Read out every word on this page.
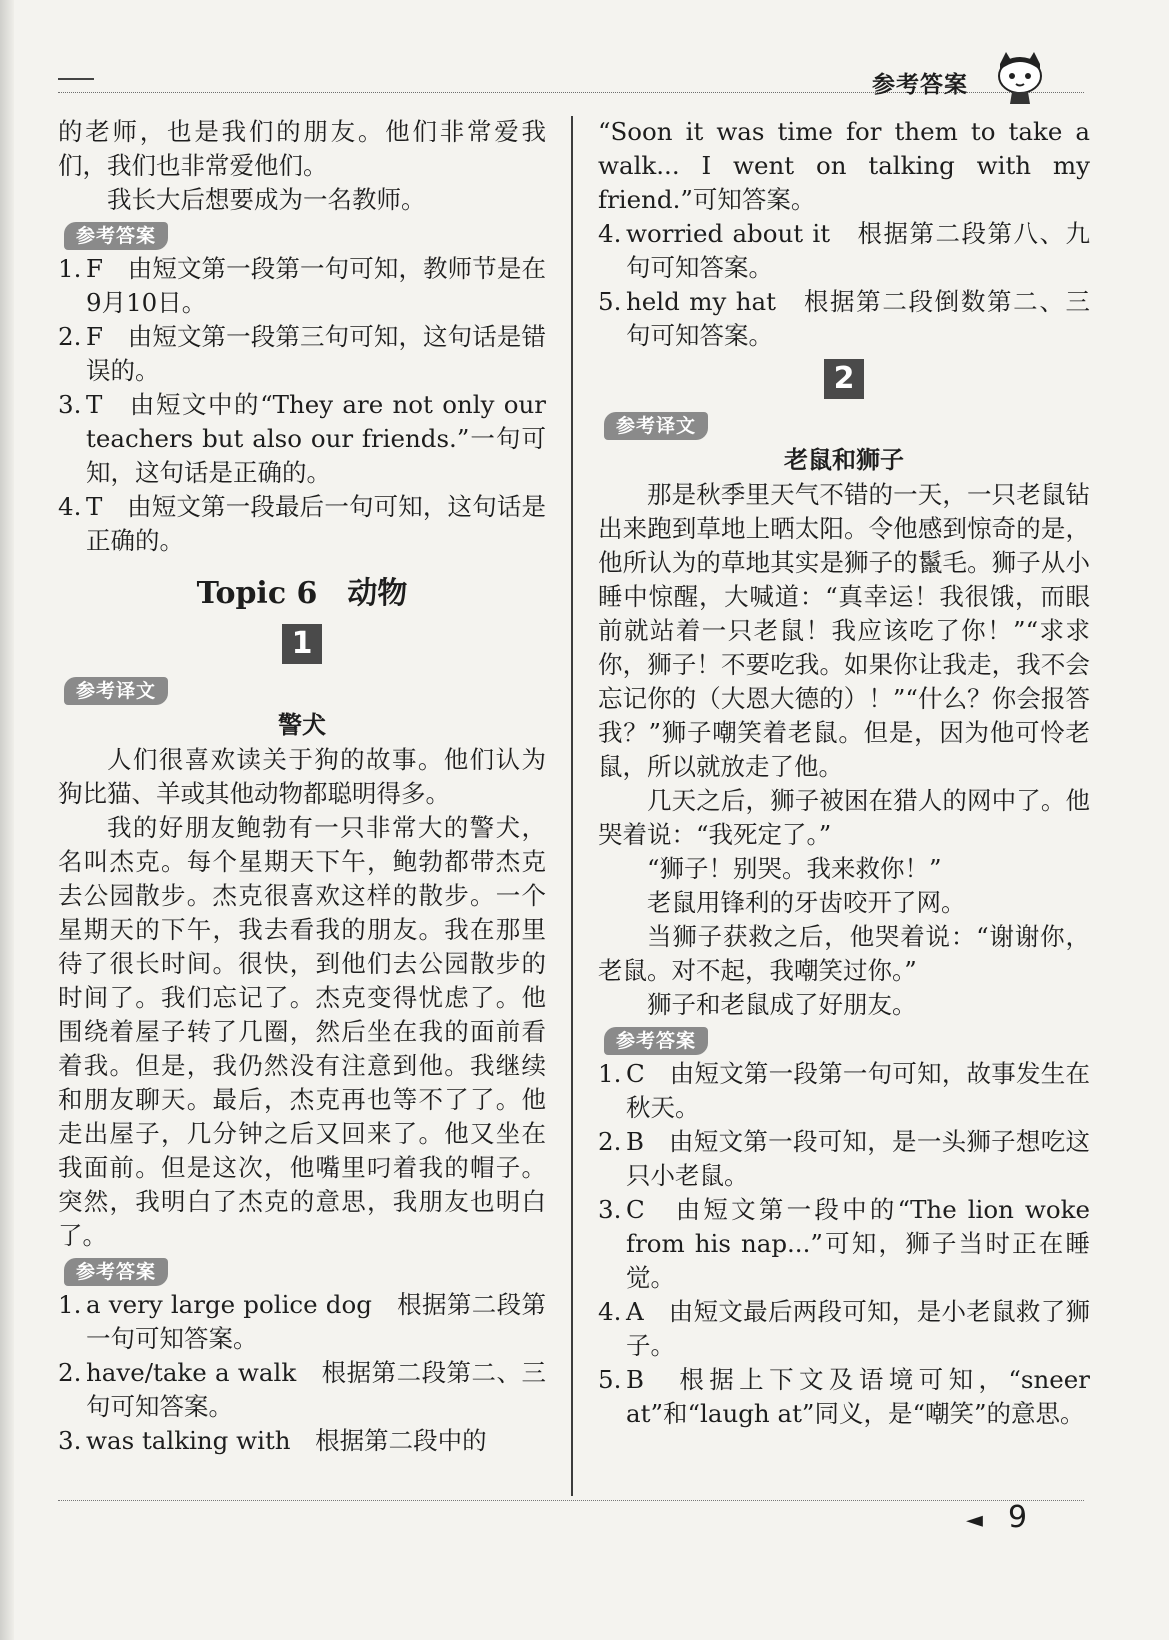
参考答案

的老师，也是我们的朋友。他们非常爱我们，我们也非常爱他们。

我长大后想要成为一名教师。

参考答案
1. F　由短文第一段第一句可知，教师节是在9月10日。
2. F　由短文第一段第三句可知，这句话是错误的。
3. T　由短文中的“They are not only our teachers but also our friends.”一句可知，这句话是正确的。
4. T　由短文第一段最后一句可知，这句话是正确的。
Topic 6　动物
1
参考译文

警犬

人们很喜欢读关于狗的故事。他们认为狗比猫、羊或其他动物都聪明得多。

我的好朋友鲍勃有一只非常大的警犬，名叫杰克。每个星期天下午，鲍勃都带杰克去公园散步。杰克很喜欢这样的散步。一个星期天的下午，我去看我的朋友。我在那里待了很长时间。很快，到他们去公园散步的时间了。我们忘记了。杰克变得忧虑了。他围绕着屋子转了几圈，然后坐在我的面前看着我。但是，我仍然没有注意到他。我继续和朋友聊天。最后，杰克再也等不了了。他走出屋子，几分钟之后又回来了。他又坐在我面前。但是这次，他嘴里叼着我的帽子。突然，我明白了杰克的意思，我朋友也明白了。

参考答案
1. a very large police dog　根据第二段第一句可知答案。
2. have/take a walk　根据第二段第二、三句可知答案。
3. was talking with　根据第二段中的

“Soon it was time for them to take a walk... I went on talking with my friend.”可知答案。

4. worried about it　根据第二段第八、九句可知答案。
5. held my hat　根据第二段倒数第二、三句可知答案。
2
参考译文

老鼠和狮子

那是秋季里天气不错的一天，一只老鼠钻出来跑到草地上晒太阳。令他感到惊奇的是，他所认为的草地其实是狮子的鬣毛。狮子从小睡中惊醒，大喊道：“真幸运！我很饿，而眼前就站着一只老鼠！我应该吃了你！”“求求你，狮子！不要吃我。如果你让我走，我不会忘记你的（大恩大德的）！”“什么？你会报答我？”狮子嘲笑着老鼠。但是，因为他可怜老鼠，所以就放走了他。

几天之后，狮子被困在猎人的网中了。他哭着说：“我死定了。”

“狮子！别哭。我来救你！”

老鼠用锋利的牙齿咬开了网。

当狮子获救之后，他哭着说：“谢谢你，老鼠。对不起，我嘲笑过你。”

狮子和老鼠成了好朋友。

参考答案
1. C　由短文第一段第一句可知，故事发生在秋天。
2. B　由短文第一段可知，是一头狮子想吃这只小老鼠。
3. C　由短文第一段中的“The lion woke from his nap...”可知，狮子当时正在睡觉。
4. A　由短文最后两段可知，是小老鼠救了狮子。
5. B　根据上下文及语境可知，“sneer at”和“laugh at”同义，是“嘲笑”的意思。
◄ 9
